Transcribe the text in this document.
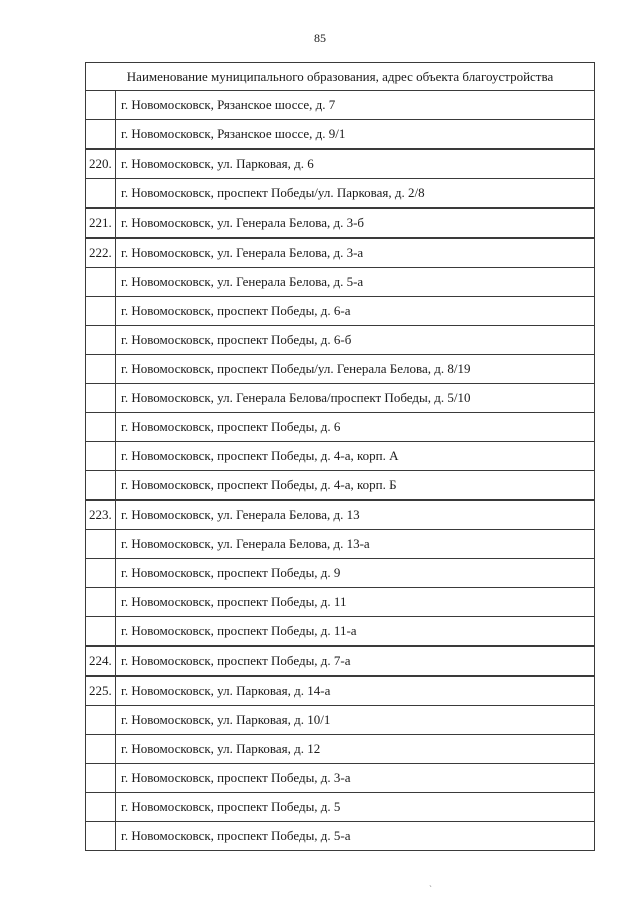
85
Наименование муниципального образования, адрес объекта благоустройства	
	г. Новомосковск, Рязанское шоссе, д. 7
	г. Новомосковск, Рязанское шоссе, д. 9/1
220.	г. Новомосковск, ул. Парковая, д. 6
	г. Новомосковск, проспект Победы/ул. Парковая, д. 2/8
221.	г. Новомосковск, ул. Генерала Белова, д. 3-б
222.	г. Новомосковск, ул. Генерала Белова, д. 3-а
	г. Новомосковск, ул. Генерала Белова, д. 5-а
	г. Новомосковск, проспект Победы, д. 6-а
	г. Новомосковск, проспект Победы, д. 6-б
	г. Новомосковск, проспект Победы/ул. Генерала Белова, д. 8/19
	г. Новомосковск, ул. Генерала Белова/проспект Победы, д. 5/10
	г. Новомосковск, проспект Победы, д. 6
	г. Новомосковск, проспект Победы, д. 4-а, корп. А
	г. Новомосковск, проспект Победы, д. 4-а, корп. Б
223.	г. Новомосковск, ул. Генерала Белова, д. 13
	г. Новомосковск, ул. Генерала Белова, д. 13-а
	г. Новомосковск, проспект Победы, д. 9
	г. Новомосковск, проспект Победы, д. 11
	г. Новомосковск, проспект Победы, д. 11-а
224.	г. Новомосковск, проспект Победы, д. 7-а
225.	г. Новомосковск, ул. Парковая, д. 14-а
	г. Новомосковск, ул. Парковая, д. 10/1
	г. Новомосковск, ул. Парковая, д. 12
	г. Новомосковск, проспект Победы, д. 3-а
	г. Новомосковск, проспект Победы, д. 5
	г. Новомосковск, проспект Победы, д. 5-а
ˎ
